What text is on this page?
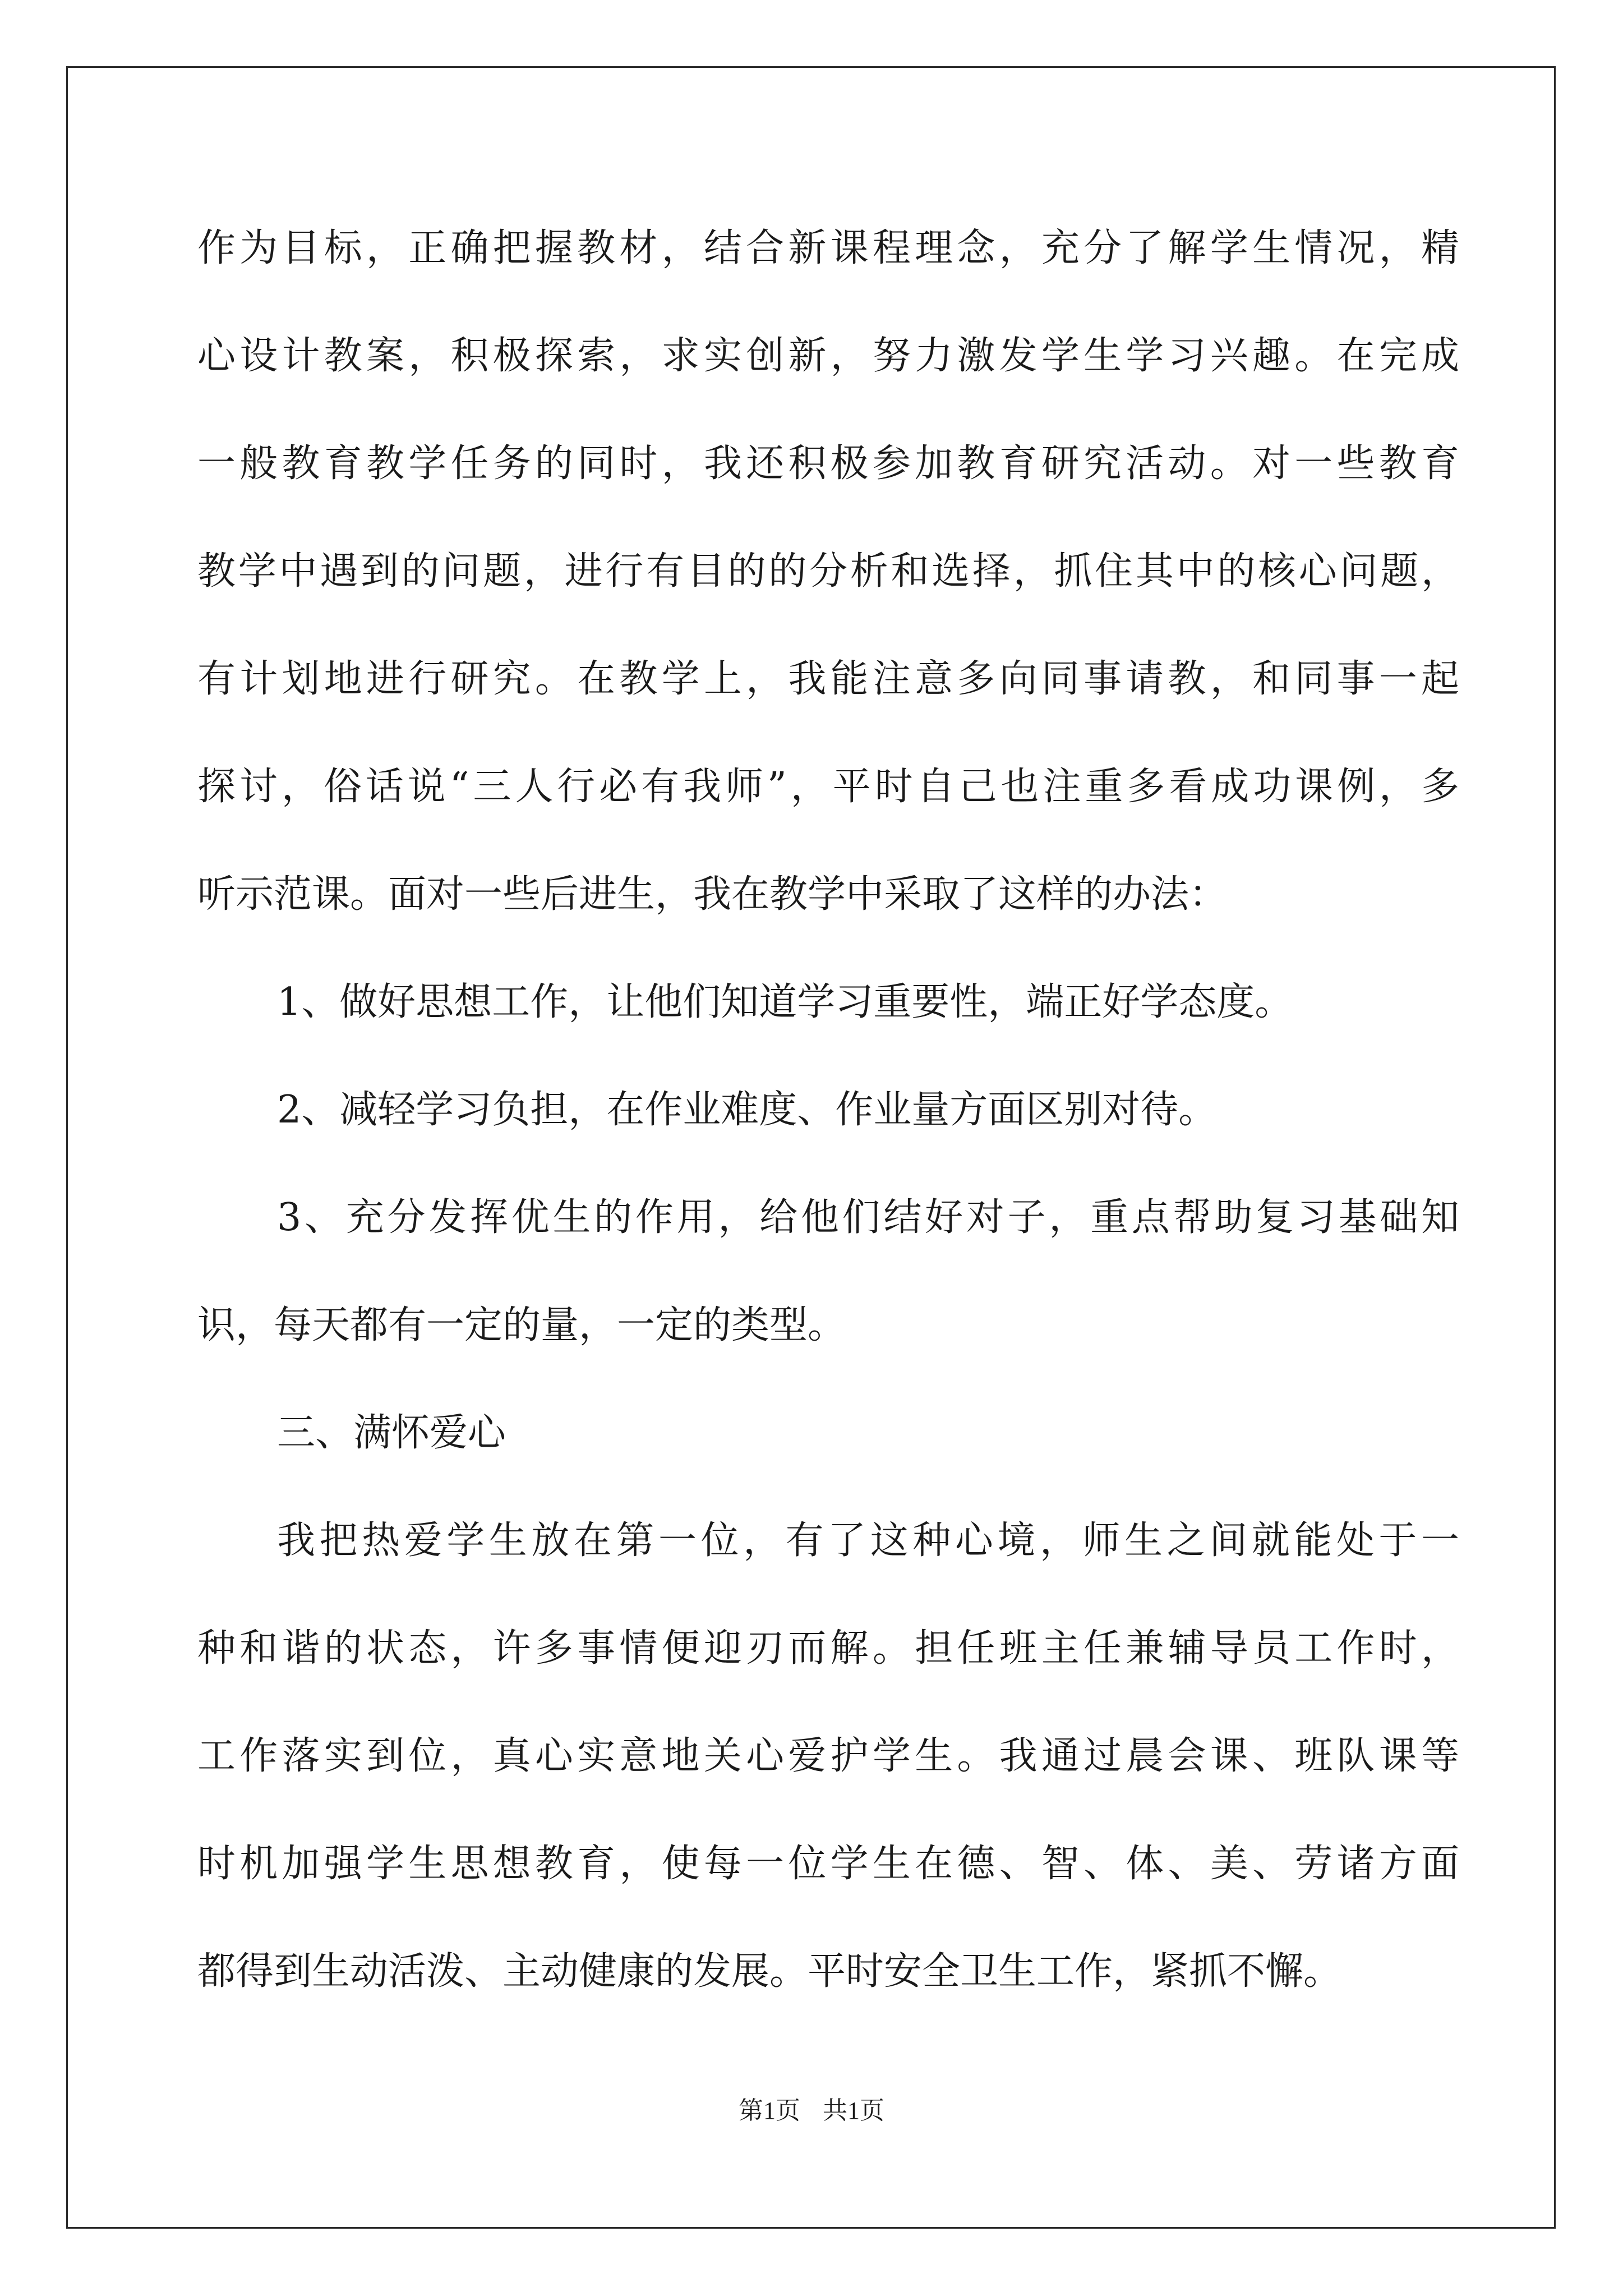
作为目标，正确把握教材，结合新课程理念，充分了解学生情况，精
心设计教案，积极探索，求实创新，努力激发学生学习兴趣。在完成
一般教育教学任务的同时，我还积极参加教育研究活动。对一些教育
教学中遇到的问题，进行有目的的分析和选择，抓住其中的核心问题，
有计划地进行研究。在教学上，我能注意多向同事请教，和同事一起
探讨，俗话说“三人行必有我师”，平时自己也注重多看成功课例，多
听示范课。面对一些后进生，我在教学中采取了这样的办法：
1、做好思想工作，让他们知道学习重要性，端正好学态度。
2、减轻学习负担，在作业难度、作业量方面区别对待。
3、充分发挥优生的作用，给他们结好对子，重点帮助复习基础知
识，每天都有一定的量，一定的类型。
三、满怀爱心
我把热爱学生放在第一位，有了这种心境，师生之间就能处于一
种和谐的状态，许多事情便迎刃而解。担任班主任兼辅导员工作时，
工作落实到位，真心实意地关心爱护学生。我通过晨会课、班队课等
时机加强学生思想教育，使每一位学生在德、智、体、美、劳诸方面
都得到生动活泼、主动健康的发展。平时安全卫生工作，紧抓不懈。
第1页 共1页
